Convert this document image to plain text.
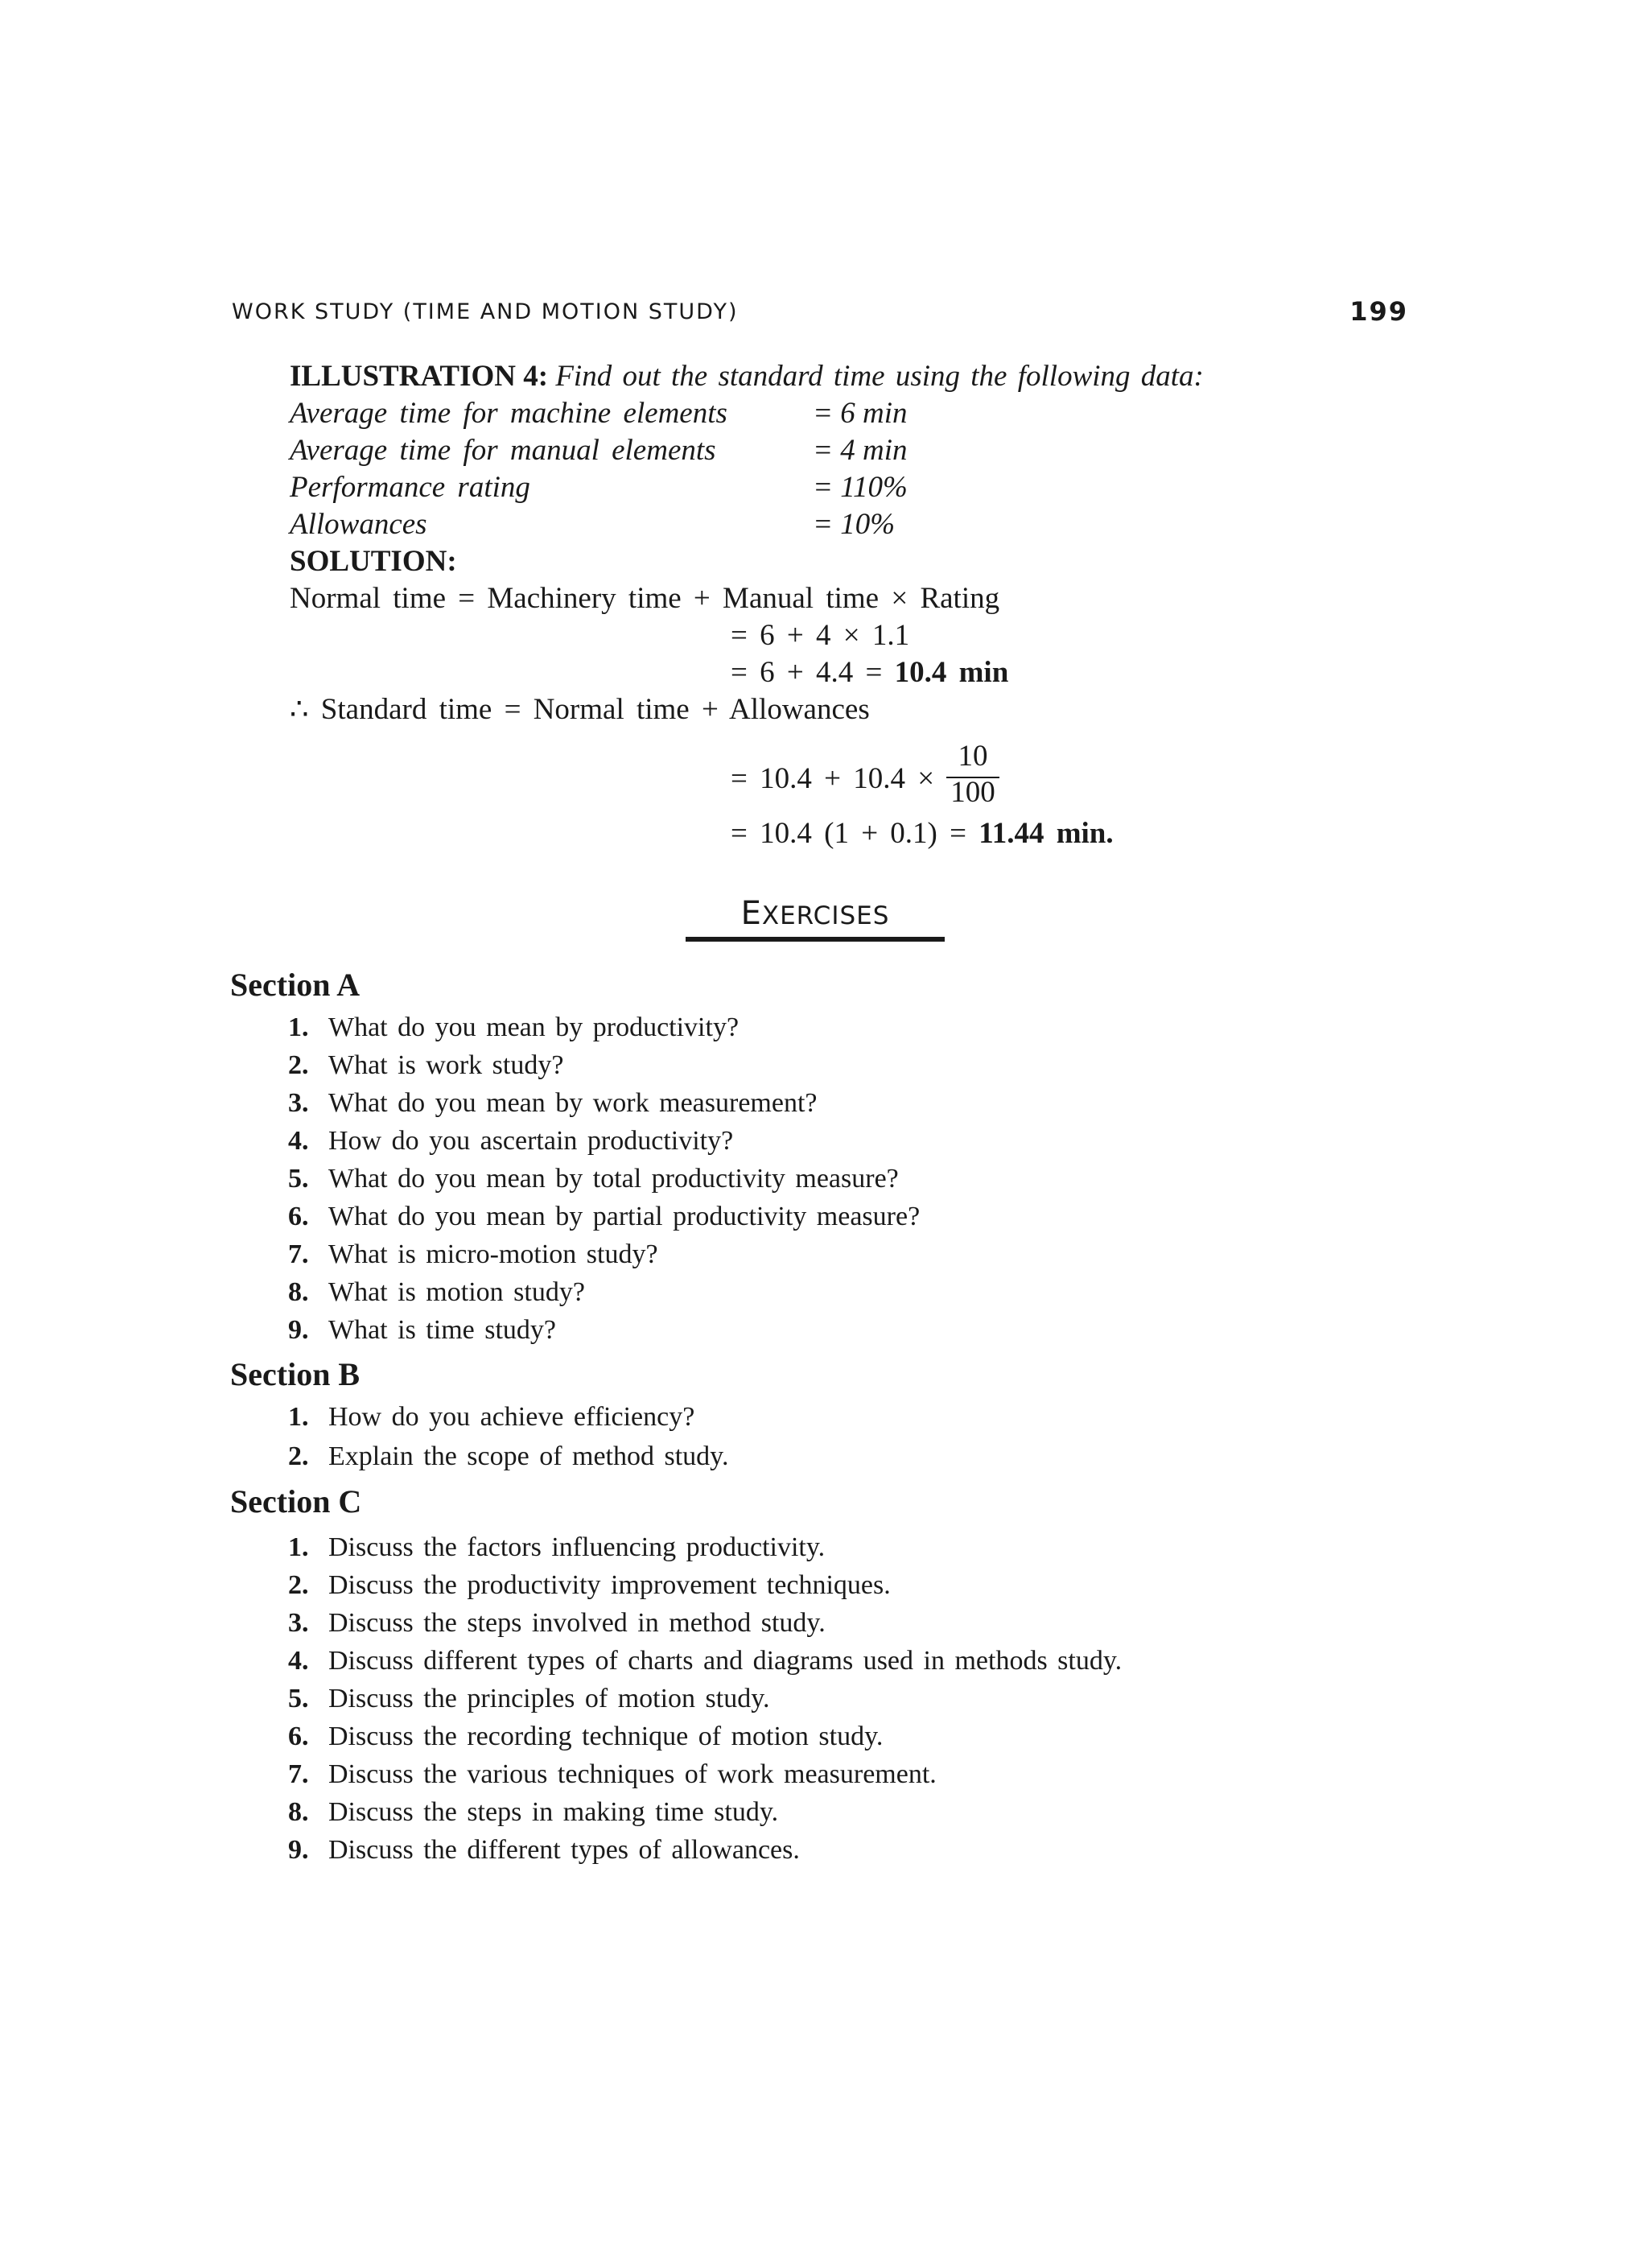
WORK STUDY (TIME AND MOTION STUDY)	199
ILLUSTRATION 4: Find out the standard time using the following data:
Average time for machine elements	= 6 min
Average time for manual elements	= 4 min
Performance rating	= 110%
Allowances	= 10%
SOLUTION:
Normal time = Machinery time + Manual time × Rating
= 6 + 4 × 1.1
= 6 + 4.4 = 10.4 min
∴ Standard time = Normal time + Allowances
= 10.4 + 10.4 ×
10
100
= 10.4 (1 + 0.1) = 11.44 min.
EXERCISES
Section A
1. What do you mean by productivity?
2. What is work study?
3. What do you mean by work measurement?
4. How do you ascertain productivity?
5. What do you mean by total productivity measure?
6. What do you mean by partial productivity measure?
7. What is micro-motion study?
8. What is motion study?
9. What is time study?
Section B
1. How do you achieve efficiency?
2. Explain the scope of method study.
Section C
1. Discuss the factors influencing productivity.
2. Discuss the productivity improvement techniques.
3. Discuss the steps involved in method study.
4. Discuss different types of charts and diagrams used in methods study.
5. Discuss the principles of motion study.
6. Discuss the recording technique of motion study.
7. Discuss the various techniques of work measurement.
8. Discuss the steps in making time study.
9. Discuss the different types of allowances.
